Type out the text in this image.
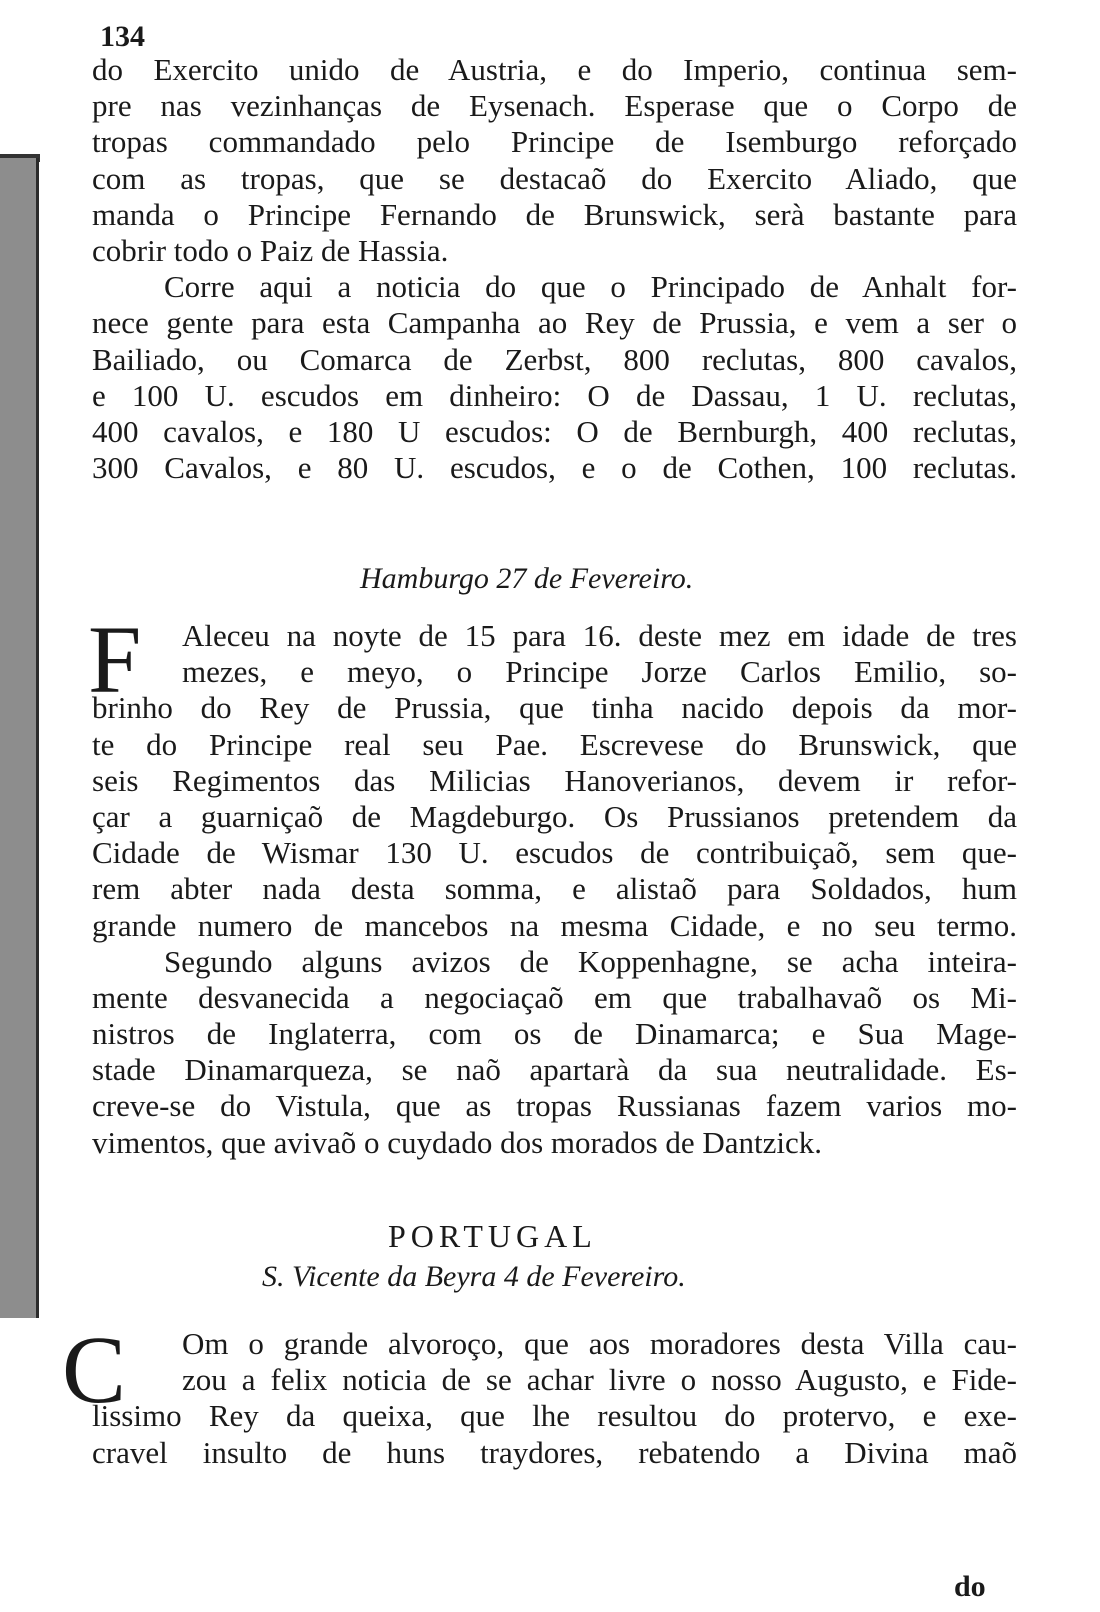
134
do Exercito unido de Austria, e do Imperio, continua sem-
pre nas vezinhanças de Eysenach. Esperase que o Corpo de
tropas commandado pelo Principe de Isemburgo reforçado
com as tropas, que se destacaõ do Exercito Aliado, que
manda o Principe Fernando de Brunswick, serà bastante para
cobrir todo o Paiz de Hassia.
Corre aqui a noticia do que o Principado de Anhalt for-
nece gente para esta Campanha ao Rey de Prussia, e vem a ser o
Bailiado, ou Comarca de Zerbst, 800 reclutas, 800 cavalos,
e 100 U. escudos em dinheiro: O de Dassau, 1 U. reclutas,
400 cavalos, e 180 U escudos: O de Bernburgh, 400 reclutas,
300 Cavalos, e 80 U. escudos, e o de Cothen, 100 reclutas.
Hamburgo 27 de Fevereiro.
F	Aleceu na noyte de 15 para 16. deste mez em idade de tres
mezes, e meyo, o Principe Jorze Carlos Emilio, so-
brinho do Rey de Prussia, que tinha nacido depois da mor-
te do Principe real seu Pae. Escrevese do Brunswick, que
seis Regimentos das Milicias Hanoverianos, devem ir refor-
çar a guarniçaõ de Magdeburgo. Os Prussianos pretendem da
Cidade de Wismar 130 U. escudos de contribuiçaõ, sem que-
rem abter nada desta somma, e alistaõ para Soldados, hum
grande numero de mancebos na mesma Cidade, e no seu termo.
Segundo alguns avizos de Koppenhagne, se acha inteira-
mente desvanecida a negociaçaõ em que trabalhavaõ os Mi-
nistros de Inglaterra, com os de Dinamarca; e Sua Mage-
stade Dinamarqueza, se naõ apartarà da sua neutralidade. Es-
creve-se do Vistula, que as tropas Russianas fazem varios mo-
vimentos, que avivaõ o cuydado dos morados de Dantzick.
PORTUGAL
S. Vicente da Beyra 4 de Fevereiro.
C	Om o grande alvoroço, que aos moradores desta Villa cau-
zou a felix noticia de se achar livre o nosso Augusto, e Fide-
lissimo Rey da queixa, que lhe resultou do protervo, e exe-
cravel insulto de huns traydores, rebatendo a Divina maõ
do
